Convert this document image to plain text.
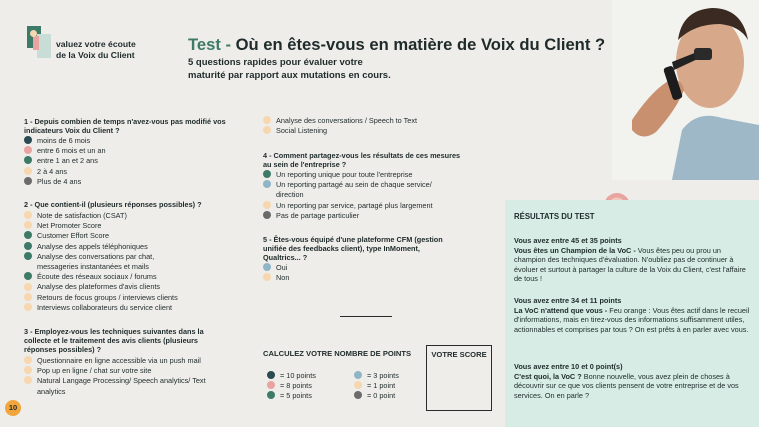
valuez votre écoute
de la Voix du Client
Test - Où en êtes-vous en matière de Voix du Client ?
5 questions rapides pour évaluer votre
maturité par rapport aux mutations en cours.
1 - Depuis combien de temps n'avez-vous pas modifié vos
indicateurs Voix du Client ?
moins de 6 mois
entre 6 mois et un an
entre 1 an et 2 ans
2 à 4 ans
Plus de 4 ans
2 - Que contient-il (plusieurs réponses possibles) ?
Note de satisfaction (CSAT)
Net Promoter Score
Customer Effort Score
Analyse des appels téléphoniques
Analyse des conversations par chat,
messageries instantanées et mails
Écoute des réseaux sociaux / forums
Analyse des plateformes d'avis clients
Retours de focus groups / interviews clients
Interviews collaborateurs du service client
3 - Employez-vous les techniques suivantes dans la
collecte et le traitement des avis clients (plusieurs
réponses possibles) ?
Questionnaire en ligne accessible via un push mail
Pop up en ligne / chat sur votre site
Natural Langage Processing/ Speech analytics/ Text
analytics
Analyse des conversations / Speech to Text
Social Listening
4 - Comment partagez-vous les résultats de ces mesures
au sein de l'entreprise ?
Un reporting unique pour toute l'entreprise
Un reporting partagé au sein de chaque service/
direction
Un reporting par service, partagé plus largement
Pas de partage particulier
5 - Êtes-vous équipé d'une plateforme CFM (gestion
unifiée des feedbacks client), type InMoment,
Qualtrics... ?
Oui
Non
CALCULEZ VOTRE NOMBRE DE POINTS
= 10 points
= 8 points
= 5 points
= 3 points
= 1 point
= 0 point
VOTRE SCORE
RÉSULTATS DU TEST

Vous avez entre 45 et 35 points

Vous êtes un Champion de la VoC - Vous êtes peu ou prou un champion des techniques d'évaluation. N'oubliez pas de continuer à évoluer et surtout à partager la culture de la Voix du Client, c'est l'affaire de tous !

Vous avez entre 34 et 11 points

La VoC n'attend que vous - Feu orange : Vous êtes actif dans le recueil d'informations, mais en tirez-vous des informations suffisamment utiles, actionnables et comprises par tous ? On est prêts à en parler avec vous.

Vous avez entre 10 et 0 point(s)

C'est quoi, la VoC ? Bonne nouvelle, vous avez plein de choses à découvrir sur ce que vos clients pensent de votre entreprise et de vos services. On en parle ?

10
